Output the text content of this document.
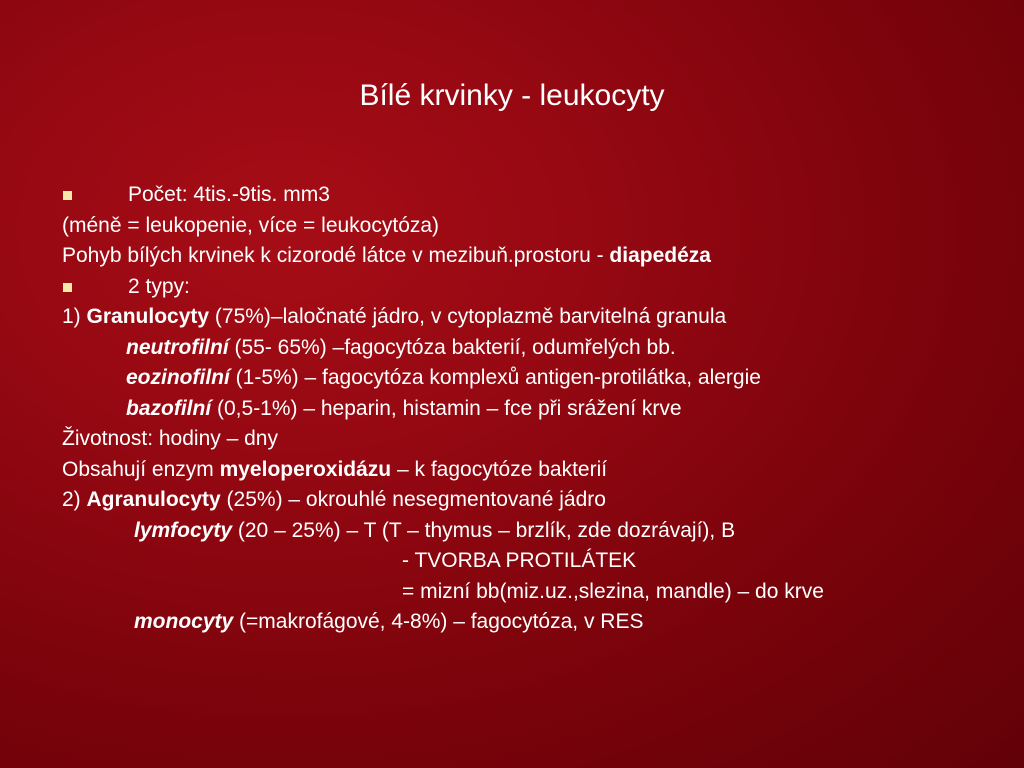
Bílé krvinky - leukocyty
Počet: 4tis.-9tis. mm3
(méně = leukopenie, více = leukocytóza)
Pohyb bílých krvinek k cizorodé látce v mezibuň.prostoru - diapedéza
2 typy:
1) Granulocyty (75%)–laločnaté jádro, v cytoplazmě barvitelná granula
neutrofilní (55- 65%) –fagocytóza bakterií, odumřelých bb.
eozinofilní (1-5%) – fagocytóza komplexů antigen-protilátka, alergie
bazofilní (0,5-1%) – heparin, histamin – fce při srážení krve
Životnost: hodiny – dny
Obsahují enzym myeloperoxidázu – k fagocytóze bakterií
2) Agranulocyty (25%) – okrouhlé nesegmentované jádro
lymfocyty (20 – 25%) – T (T – thymus – brzlík, zde dozrávají), B
- TVORBA PROTILÁTEK
= mizní bb(miz.uz.,slezina, mandle) – do krve
monocyty (=makrofágové, 4-8%) – fagocytóza, v RES
